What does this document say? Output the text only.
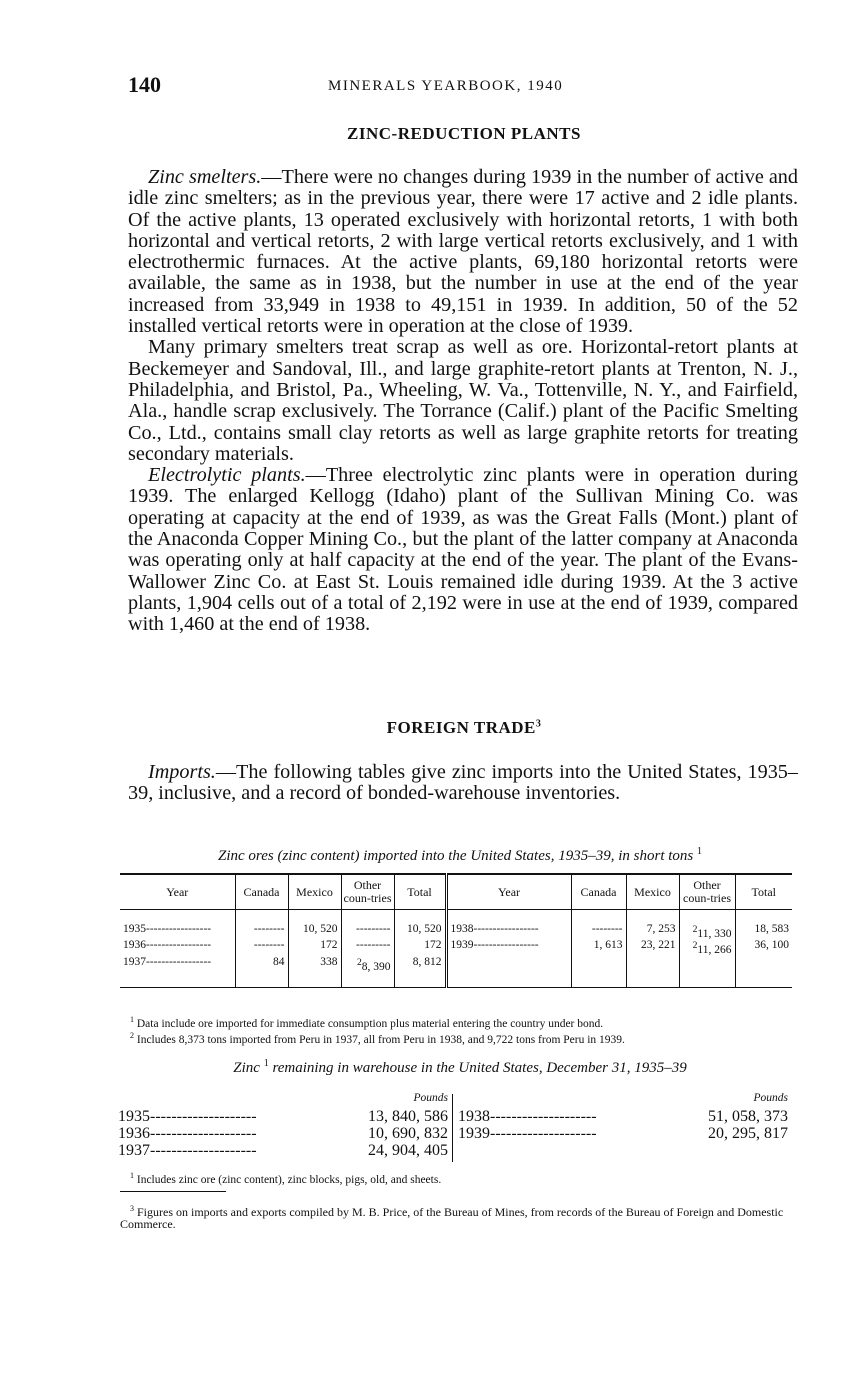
140	MINERALS YEARBOOK, 1940
ZINC-REDUCTION PLANTS

Zinc smelters.—There were no changes during 1939 in the number of active and idle zinc smelters; as in the previous year, there were 17 active and 2 idle plants. Of the active plants, 13 operated exclusively with horizontal retorts, 1 with both horizontal and vertical retorts, 2 with large vertical retorts exclusively, and 1 with electrothermic furnaces. At the active plants, 69,180 horizontal retorts were available, the same as in 1938, but the number in use at the end of the year increased from 33,949 in 1938 to 49,151 in 1939. In addition, 50 of the 52 installed vertical retorts were in operation at the close of 1939.

Many primary smelters treat scrap as well as ore. Horizontal-retort plants at Beckemeyer and Sandoval, Ill., and large graphite-retort plants at Trenton, N. J., Philadelphia, and Bristol, Pa., Wheeling, W. Va., Tottenville, N. Y., and Fairfield, Ala., handle scrap exclusively. The Torrance (Calif.) plant of the Pacific Smelting Co., Ltd., contains small clay retorts as well as large graphite retorts for treating secondary materials.

Electrolytic plants.—Three electrolytic zinc plants were in operation during 1939. The enlarged Kellogg (Idaho) plant of the Sullivan Mining Co. was operating at capacity at the end of 1939, as was the Great Falls (Mont.) plant of the Anaconda Copper Mining Co., but the plant of the latter company at Anaconda was operating only at half capacity at the end of the year. The plant of the Evans-Wallower Zinc Co. at East St. Louis remained idle during 1939. At the 3 active plants, 1,904 cells out of a total of 2,192 were in use at the end of 1939, compared with 1,460 at the end of 1938.

FOREIGN TRADE$^3$

Imports.—The following tables give zinc imports into the United States, 1935–39, inclusive, and a record of bonded-warehouse inventories.

Zinc ores (zinc content) imported into the United States, 1935–39, in short tons $^1$
Year	Canada	Mexico	Other coun-tries	Total	Year	Canada	Mexico	Other coun-tries	Total

1935-----------------	--------	10, 520	---------	10, 520	1938-----------------	--------	7, 253	$^2$11, 330	18, 583
1936-----------------	--------	172	---------	172	1939-----------------	1, 613	23, 221	$^2$11, 266	36, 100
1937-----------------	84	338	$^2$8, 390	8, 812					

$^1$ Data include ore imported for immediate consumption plus material entering the country under bond.
$^2$ Includes 8,373 tons imported from Peru in 1937, all from Peru in 1938, and 9,722 tons from Peru in 1939.
Zinc $^1$ remaining in warehouse in the United States, December 31, 1935–39
Pounds
1935--------------------	13, 840, 586
1936--------------------	10, 690, 832
1937--------------------	24, 904, 405
Pounds
1938--------------------	51, 058, 373
1939--------------------	20, 295, 817
$^1$ Includes zinc ore (zinc content), zinc blocks, pigs, old, and sheets.
$^3$ Figures on imports and exports compiled by M. B. Price, of the Bureau of Mines, from records of the Bureau of Foreign and Domestic Commerce.
